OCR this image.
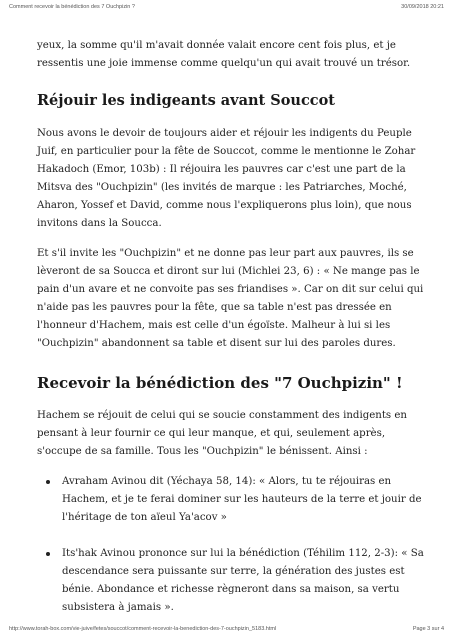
Comment recevoir la bénédiction des 7 Ouchpizin ?	30/09/2018 20:21

yeux, la somme qu'il m'avait donnée valait encore cent fois plus, et je ressentis une joie immense comme quelqu'un qui avait trouvé un trésor.

Réjouir les indigeants avant Souccot

Nous avons le devoir de toujours aider et réjouir les indigents du Peuple Juif, en particulier pour la fête de Souccot, comme le mentionne le Zohar Hakadoch (Emor, 103b) : Il réjouira les pauvres car c'est une part de la Mitsva des "Ouchpizin" (les invités de marque : les Patriarches, Moché, Aharon, Yossef et David, comme nous l'expliquerons plus loin), que nous invitons dans la Soucca.

Et s'il invite les "Ouchpizin" et ne donne pas leur part aux pauvres, ils se lèveront de sa Soucca et diront sur lui (Michlei 23, 6) : « Ne mange pas le pain d'un avare et ne convoite pas ses friandises ». Car on dit sur celui qui n'aide pas les pauvres pour la fête, que sa table n'est pas dressée en l'honneur d'Hachem, mais est celle d'un égoïste. Malheur à lui si les "Ouchpizin" abandonnent sa table et disent sur lui des paroles dures.

Recevoir la bénédiction des "7 Ouchpizin" !

Hachem se réjouit de celui qui se soucie constamment des indigents en pensant à leur fournir ce qui leur manque, et qui, seulement après, s'occupe de sa famille. Tous les "Ouchpizin" le bénissent. Ainsi :

Avraham Avinou dit (Yéchaya 58, 14): « Alors, tu te réjouiras en Hachem, et je te ferai dominer sur les hauteurs de la terre et jouir de l'héritage de ton aïeul Ya'acov »
Its'hak Avinou prononce sur lui la bénédiction (Téhilim 112, 2-3): « Sa descendance sera puissante sur terre, la génération des justes est bénie. Abondance et richesse règneront dans sa maison, sa vertu subsistera à jamais ».
http://www.torah-box.com/vie-juive/fetes/souccot/comment-recevoir-la-benediction-des-7-ouchpizin_5183.html	Page 3 sur 4
